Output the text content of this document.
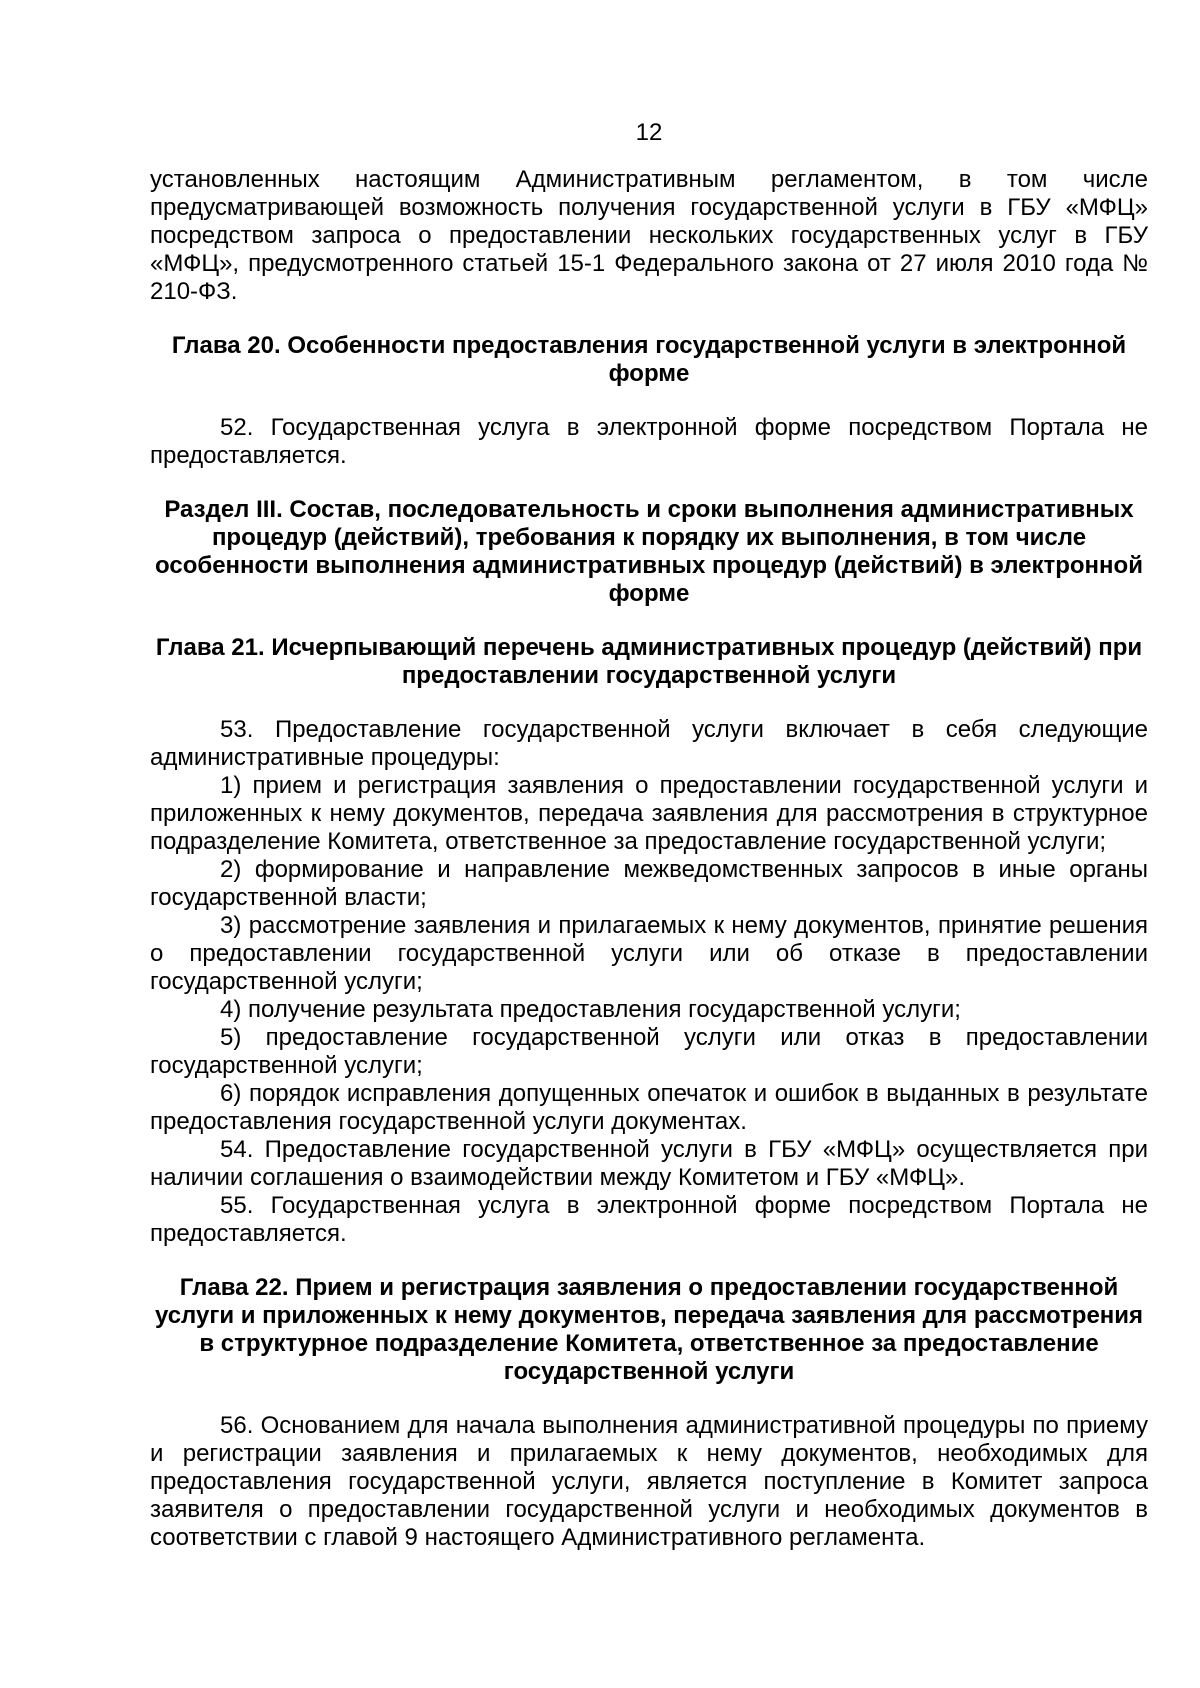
12

установленных настоящим Административным регламентом, в том числе предусматривающей возможность получения государственной услуги в ГБУ «МФЦ» посредством запроса о предоставлении нескольких государственных услуг в ГБУ «МФЦ», предусмотренного статьей 15-1 Федерального закона от 27 июля 2010 года № 210-ФЗ.

Глава 20. Особенности предоставления государственной услуги в электронной форме

52. Государственная услуга в электронной форме посредством Портала не предоставляется.

Раздел III. Состав, последовательность и сроки выполнения административных процедур (действий), требования к порядку их выполнения, в том числе особенности выполнения административных процедур (действий) в электронной форме
Глава 21. Исчерпывающий перечень административных процедур (действий) при предоставлении государственной услуги

53. Предоставление государственной услуги включает в себя следующие административные процедуры:

1) прием и регистрация заявления о предоставлении государственной услуги и приложенных к нему документов, передача заявления для рассмотрения в структурное подразделение Комитета, ответственное за предоставление государственной услуги;

2) формирование и направление межведомственных запросов в иные органы государственной власти;

3) рассмотрение заявления и прилагаемых к нему документов, принятие решения о предоставлении государственной услуги или об отказе в предоставлении государственной услуги;

4) получение результата предоставления государственной услуги;

5) предоставление государственной услуги или отказ в предоставлении государственной услуги;

6) порядок исправления допущенных опечаток и ошибок в выданных в результате предоставления государственной услуги документах.

54. Предоставление государственной услуги в ГБУ «МФЦ» осуществляется при наличии соглашения о взаимодействии между Комитетом и ГБУ «МФЦ».

55. Государственная услуга в электронной форме посредством Портала не предоставляется.

Глава 22. Прием и регистрация заявления о предоставлении государственной услуги и приложенных к нему документов, передача заявления для рассмотрения в структурное подразделение Комитета, ответственное за предоставление государственной услуги

56. Основанием для начала выполнения административной процедуры по приему и регистрации заявления и прилагаемых к нему документов, необходимых для предоставления государственной услуги, является поступление в Комитет запроса заявителя о предоставлении государственной услуги и необходимых документов в соответствии с главой 9 настоящего Административного регламента.
